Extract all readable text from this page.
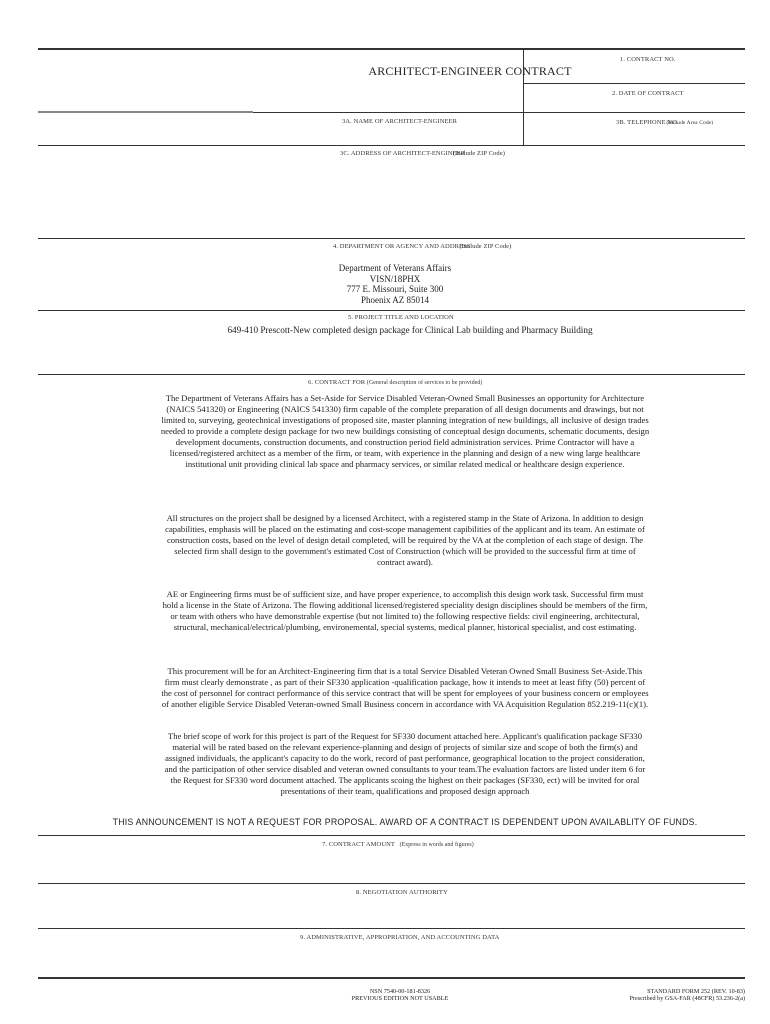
1. CONTRACT NO.
ARCHITECT-ENGINEER CONTRACT
2. DATE OF CONTRACT
3A. NAME OF ARCHITECT-ENGINEER	3B. TELEPHONE NO. (Include Area Code)
3C. ADDRESS OF ARCHITECT-ENGINEER (Include ZIP Code)
4. DEPARTMENT OR AGENCY AND ADDRESS (Include ZIP Code)
Department of Veterans Affairs
VISN/18PHX
777 E. Missouri, Suite 300
Phoenix AZ 85014
5. PROJECT TITLE AND LOCATION
649-410 Prescott-New completed design package for Clinical Lab building and Pharmacy Building
6. CONTRACT FOR (General description of services to be provided)

The Department of Veterans Affairs has a Set-Aside for Service Disabled Veteran-Owned Small Businesses an opportunity for Architecture (NAICS 541320) or Engineering (NAICS 541330) firm capable of the complete preparation of all design documents and drawings, but not limited to, surveying, geotechnical investigations of proposed site, master planning integration of new buildings, all inclusive of design trades needed to provide a complete design package for two new buildings consisting of conceptual design documents, schematic documents, design development documents, construction documents, and construction period field administration services. Prime Contractor will have a licensed/registered architect as a member of the firm, or team, with experience in the planning and design of a new wing large healthcare institutional unit providing clinical lab space and pharmacy services, or similar related medical or healthcare design experience.

All structures on the project shall be designed by a licensed Architect, with a registered stamp in the State of Arizona. In addition to design capabilities, emphasis will be placed on the estimating and cost-scope management capibilities of the applicant and its team. An estimate of construction costs, based on the level of design detail completed, will be required by the VA at the completion of each stage of design. The selected firm shall design to the government's estimated Cost of Construction (which will be provided to the successful firm at time of contract award).

AE or Engineering firms must be of sufficient size, and have proper experience, to accomplish this design work task. Successful firm must hold a license in the State of Arizona. The flowing additional licensed/registered speciality design disciplines should be members of the firm, or team with others who have demonstrable expertise (but not limited to) the following respective fields: civil engineering, architectural, structural, mechanical/electrical/plumbing, environemental, special systems, medical planner, historical specialist, and cost estimating.

This procurement will be for an Architect-Engineering firm that is a total Service Disabled Veteran Owned Small Business Set-Aside.This firm must clearly demonstrate , as part of their SF330 application -qualification package, how it intends to meet at least fifty (50) percent of the cost of personnel for contract performance of this service contract that will be spent for employees of your business concern or employees of another eligible Service Disabled Veteran-owned Small Business concern in accordance with VA Acquisition Regulation 852.219-11(c)(1).

The brief scope of work for this project is part of the Request for SF330 document attached here. Applicant's qualification package SF330 material will be rated based on the relevant experience-planning and design of projects of similar size and scope of both the firm(s) and assigned individuals, the applicant's capacity to do the work, record of past performance, geographical location to the project consideration, and the participation of other service disabled and veteran owned consultants to your team.The evaluation factors are listed under item 6 for the Request for SF330 word document attached. The applicants scoing the highest on their packages (SF330, ect) will be invited for oral presentations of their team, qualifications and proposed design approach

THIS ANNOUNCEMENT IS NOT A REQUEST FOR PROPOSAL. AWARD OF A CONTRACT IS DEPENDENT UPON AVAILABLITY OF FUNDS.
7. CONTRACT AMOUNT (Express in words and figures)
8. NEGOTIATION AUTHORITY
9. ADMINISTRATIVE, APPROPRIATION, AND ACCOUNTING DATA
NSN 7540-00-181-8326
PREVIOUS EDITION NOT USABLE
STANDARD FORM 252 (REV. 10-83)
Prescribed by GSA-FAR (48CFR) 53.236-2(a)
